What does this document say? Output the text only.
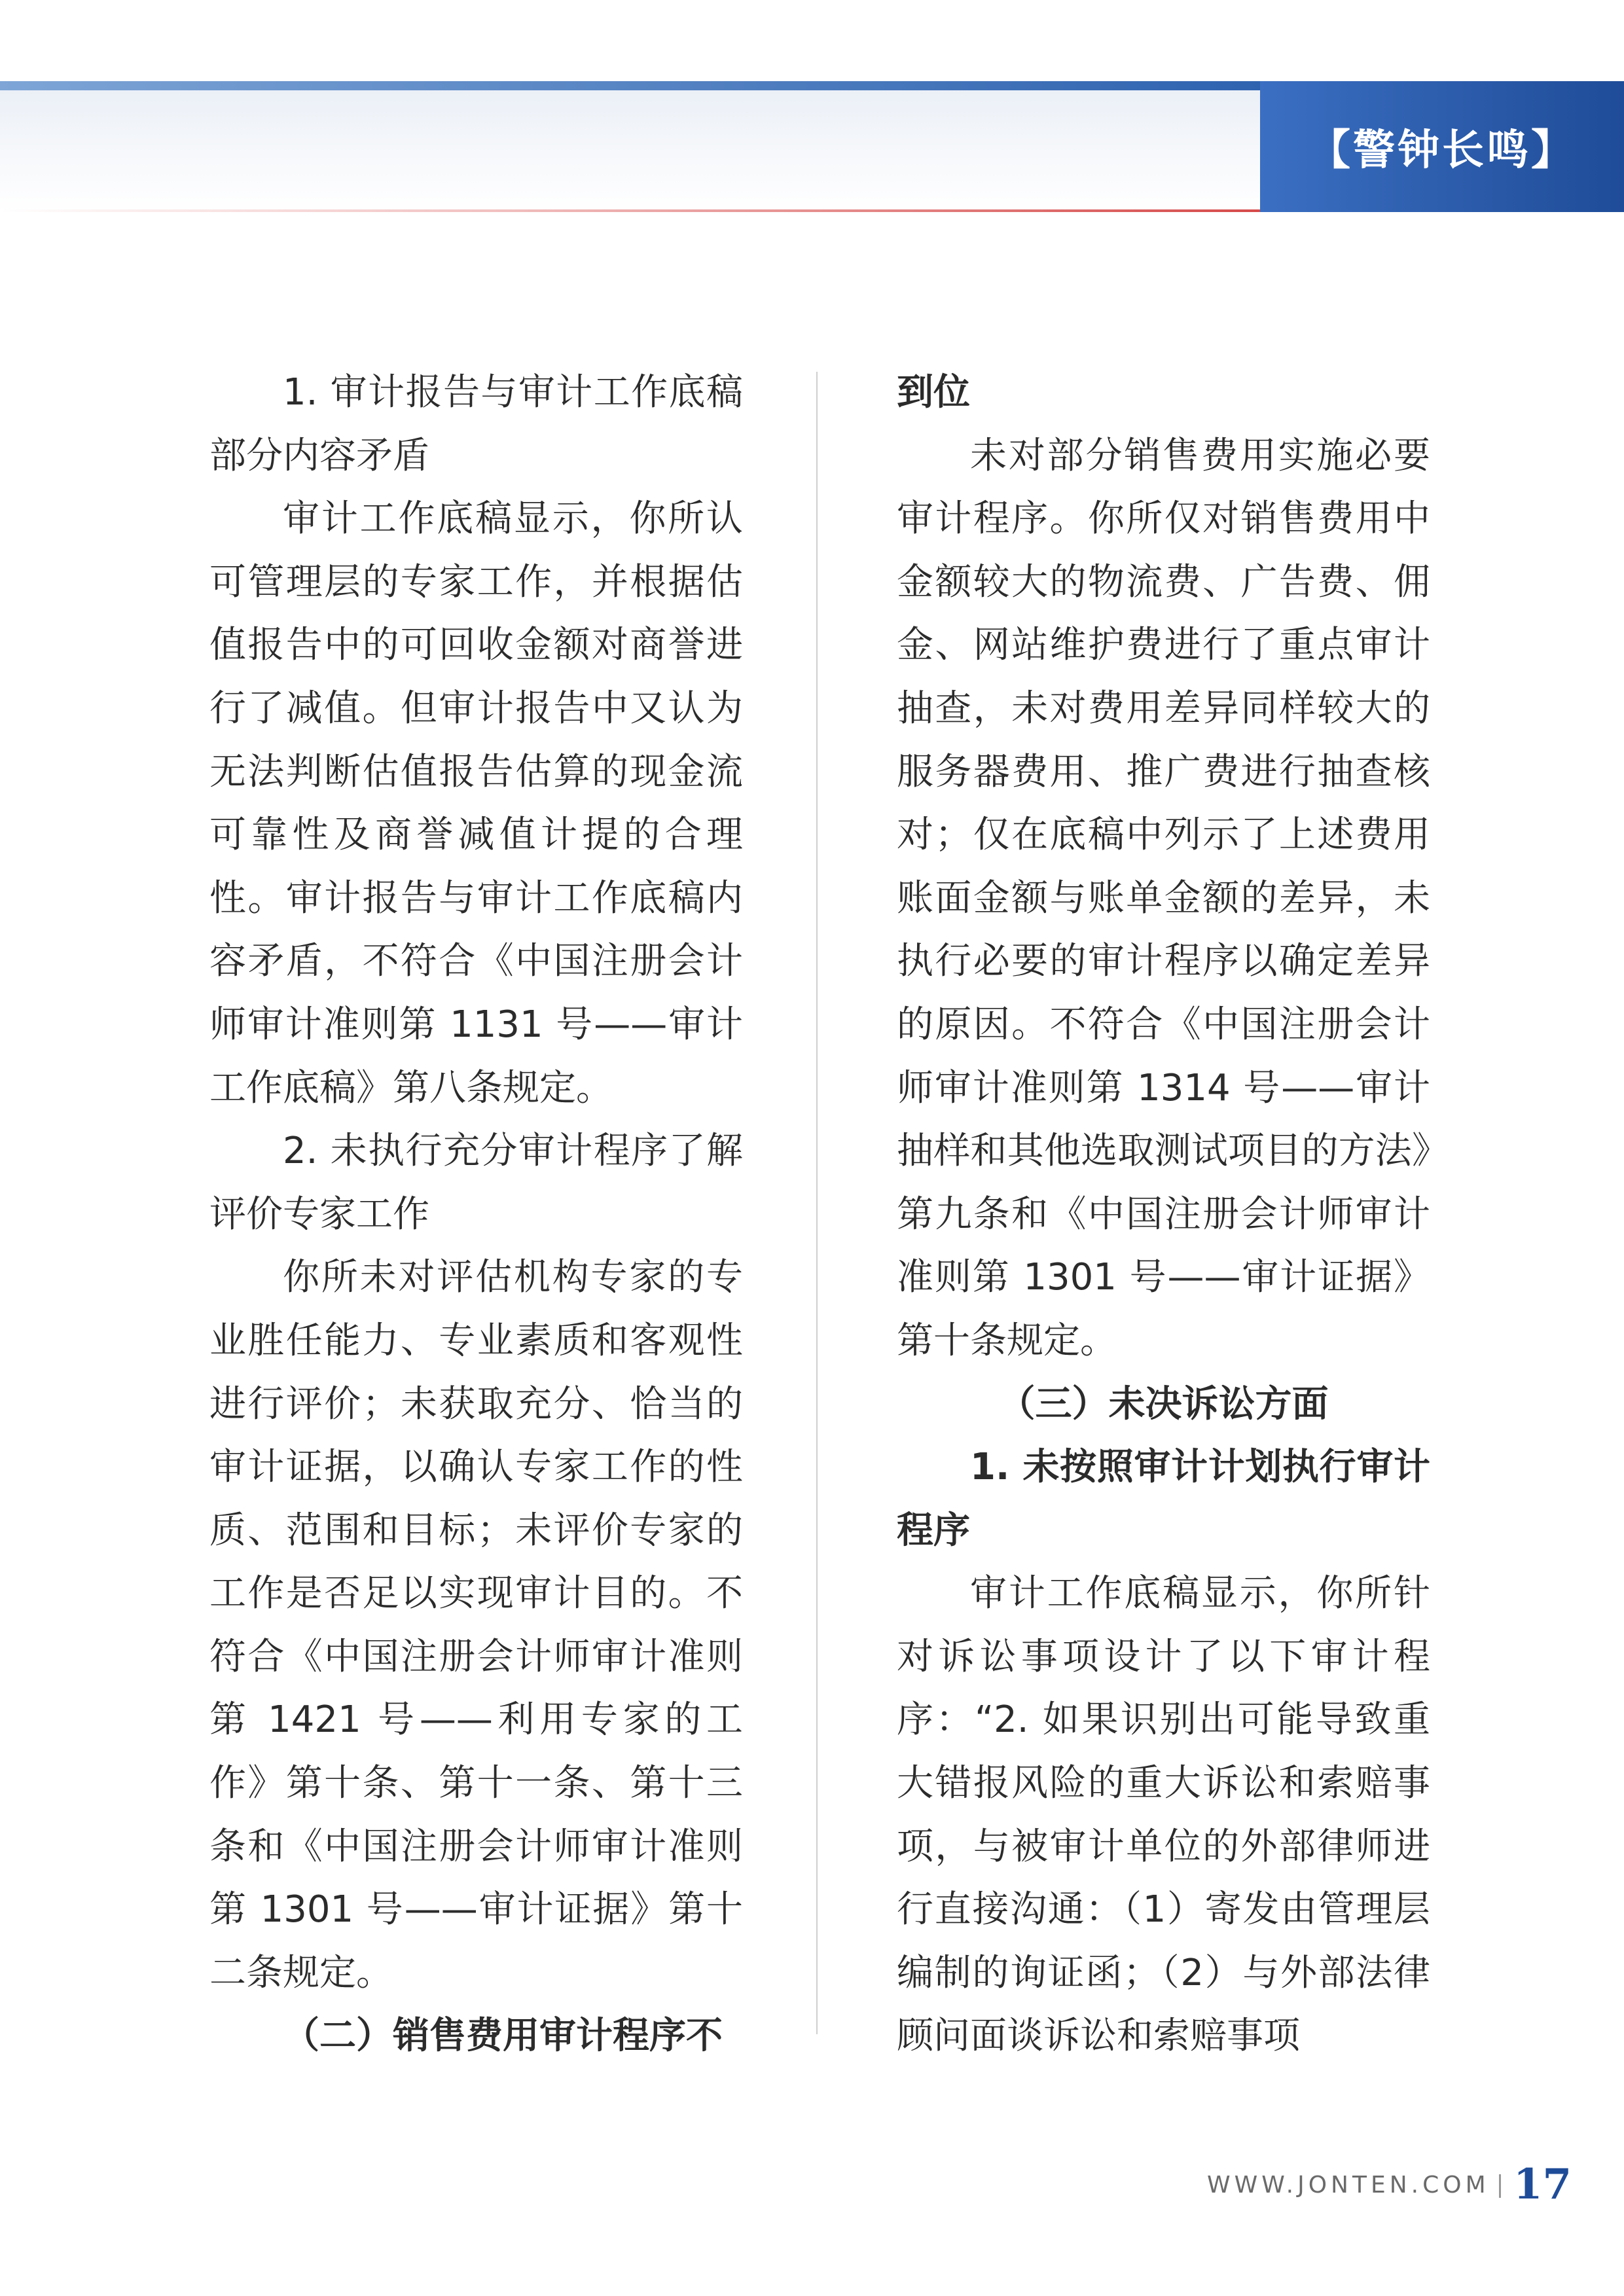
【警钟长鸣】

1. 审计报告与审计工作底稿部分内容矛盾

审计工作底稿显示，你所认可管理层的专家工作，并根据估值报告中的可回收金额对商誉进行了减值。但审计报告中又认为无法判断估值报告估算的现金流可靠性及商誉减值计提的合理性。审计报告与审计工作底稿内容矛盾，不符合《中国注册会计师审计准则第 1131 号——审计工作底稿》第八条规定。

2. 未执行充分审计程序了解评价专家工作

你所未对评估机构专家的专业胜任能力、专业素质和客观性进行评价；未获取充分、恰当的审计证据，以确认专家工作的性质、范围和目标；未评价专家的工作是否足以实现审计目的。不符合《中国注册会计师审计准则第 1421 号——利用专家的工作》第十条、第十一条、第十三条和《中国注册会计师审计准则第 1301 号——审计证据》第十二条规定。

（二）销售费用审计程序不

到位

未对部分销售费用实施必要审计程序。你所仅对销售费用中金额较大的物流费、广告费、佣金、网站维护费进行了重点审计抽查，未对费用差异同样较大的服务器费用、推广费进行抽查核对；仅在底稿中列示了上述费用账面金额与账单金额的差异，未执行必要的审计程序以确定差异的原因。不符合《中国注册会计师审计准则第 1314 号——审计抽样和其他选取测试项目的方法》第九条和《中国注册会计师审计准则第 1301 号——审计证据》第十条规定。

（三）未决诉讼方面

1. 未按照审计计划执行审计程序

审计工作底稿显示，你所针对诉讼事项设计了以下审计程序：“2. 如果识别出可能导致重大错报风险的重大诉讼和索赔事项，与被审计单位的外部律师进行直接沟通：（1）寄发由管理层编制的询证函；（2）与外部法律顾问面谈诉讼和索赔事项

WWW.JONTEN.COM 17
